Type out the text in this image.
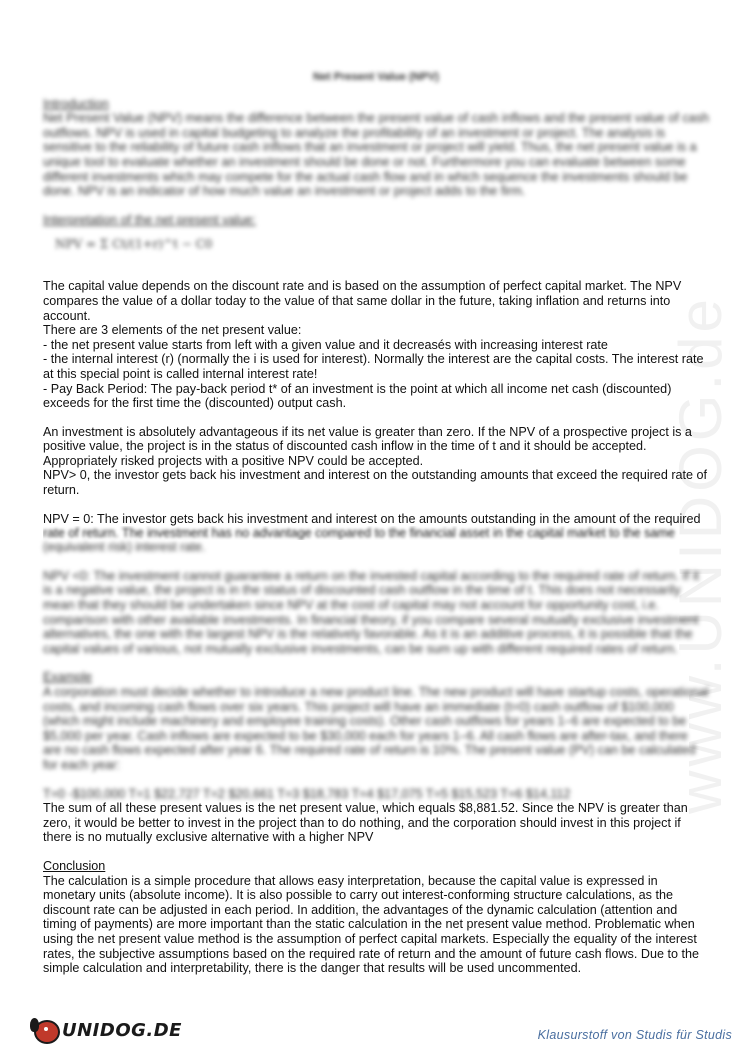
www.UNIDOG.de

Net Present Value (NPV)

Introduction

Net Present Value (NPV) means the difference between the present value of cash inflows and the present value of cash outflows. NPV is used in capital budgeting to analyze the profitability of an investment or project. The analysis is sensitive to the reliability of future cash inflows that an investment or project will yield. Thus, the net present value is a unique tool to evaluate whether an investment should be done or not. Furthermore you can evaluate between some different investments which may compete for the actual cash flow and in which sequence the investments should be done. NPV is an indicator of how much value an investment or project adds to the firm.

Interpretation of the net present value:

NPV = Σ Ct/(1+r)^t − C0

The capital value depends on the discount rate and is based on the assumption of perfect capital market. The NPV compares the value of a dollar today to the value of that same dollar in the future, taking inflation and returns into account.

There are 3 elements of the net present value:

- the net present value starts from left with a given value and it decreasés with increasing interest rate

- the internal interest (r) (normally the i is used for interest). Normally the interest are the capital costs. The interest rate at this special point is called internal interest rate!

- Pay Back Period: The pay-back period t* of an investment is the point at which all income net cash (discounted) exceeds for the first time the (discounted) output cash.

An investment is absolutely advantageous if its net value is greater than zero. If the NPV of a prospective project is a positive value, the project is in the status of discounted cash inflow in the time of t and it should be accepted. Appropriately risked projects with a positive NPV could be accepted.

NPV> 0, the investor gets back his investment and interest on the outstanding amounts that exceed the required rate of return.

NPV = 0: The investor gets back his investment and interest on the amounts outstanding in the amount of the required

rate of return. The investment has no advantage compared to the financial asset in the capital market to the same

(equivalent risk) interest rate.

NPV <0: The investment cannot guarantee a return on the invested capital according to the required rate of return. If it is a negative value, the project is in the status of discounted cash outflow in the time of t. This does not necessarily mean that they should be undertaken since NPV at the cost of capital may not account for opportunity cost, i.e. comparison with other available investments. In financial theory, if you compare several mutually exclusive investment alternatives, the one with the largest NPV is the relatively favorable. As it is an additive process, it is possible that the capital values of various, not mutually exclusive investments, can be sum up with different required rates of return.

Example

A corporation must decide whether to introduce a new product line. The new product will have startup costs, operational costs, and incoming cash flows over six years. This project will have an immediate (t=0) cash outflow of $100,000 (which might include machinery and employee training costs). Other cash outflows for years 1–6 are expected to be $5,000 per year. Cash inflows are expected to be $30,000 each for years 1–6. All cash flows are after-tax, and there are no cash flows expected after year 6. The required rate of return is 10%. The present value (PV) can be calculated for each year:

T=0 -$100,000 T=1 $22,727 T=2 $20,661 T=3 $18,783 T=4 $17,075 T=5 $15,523 T=6 $14,112

The sum of all these present values is the net present value, which equals $8,881.52. Since the NPV is greater than zero, it would be better to invest in the project than to do nothing, and the corporation should invest in this project if there is no mutually exclusive alternative with a higher NPV

Conclusion

The calculation is a simple procedure that allows easy interpretation, because the capital value is expressed in monetary units (absolute income). It is also possible to carry out interest-conforming structure calculations, as the discount rate can be adjusted in each period. In addition, the advantages of the dynamic calculation (attention and timing of payments) are more important than the static calculation in the net present value method. Problematic when using the net present value method is the assumption of perfect capital markets. Especially the equality of the interest rates, the subjective assumptions based on the required rate of return and the amount of future cash flows. Due to the simple calculation and interpretability, there is the danger that results will be used uncommented.

UNIDOG.DE	Klausurstoff von Studis für Studis
